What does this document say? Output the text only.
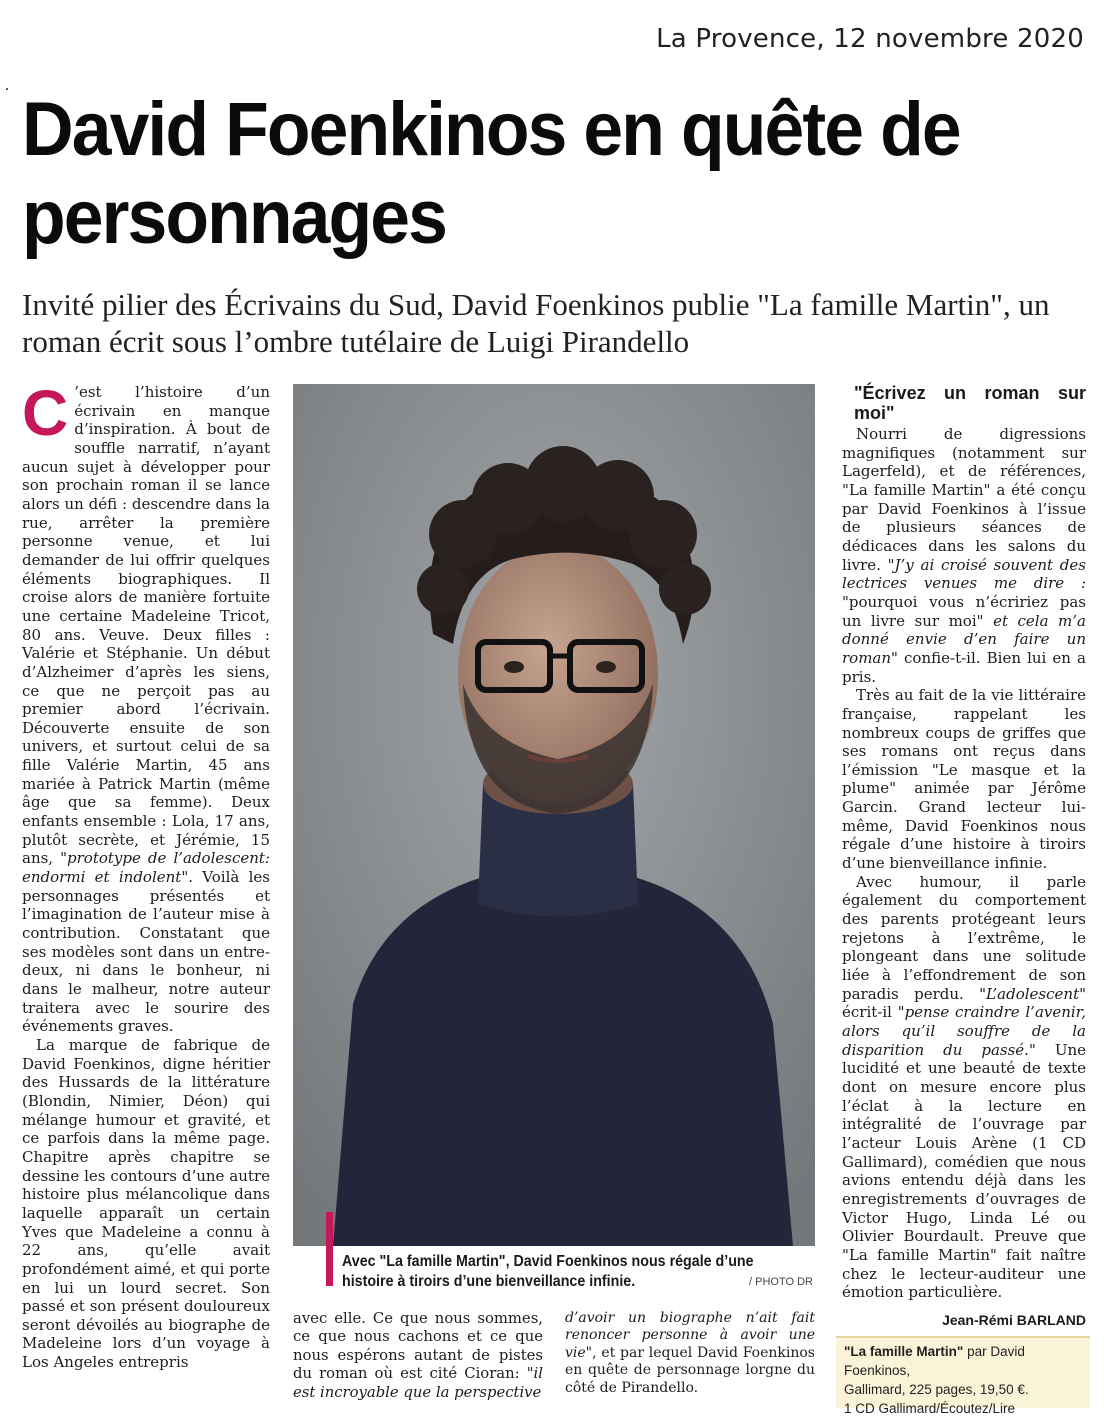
La Provence, 12 novembre 2020
David Foenkinos en quête de personnages

Invité pilier des Écrivains du Sud, David Foenkinos publie "La famille Martin", un roman écrit sous l’ombre tutélaire de Luigi Pirandello

C ’est l’histoire d’un écrivain en manque d’inspiration. À bout de souffle narratif, n’ayant aucun sujet à développer pour son prochain roman il se lance alors un défi : descendre dans la rue, arrêter la première personne venue, et lui demander de lui offrir quelques éléments biographiques. Il croise alors de manière fortuite une certaine Madeleine Tricot, 80 ans. Veuve. Deux filles : Valérie et Stéphanie. Un début d’Alzheimer d’après les siens, ce que ne perçoit pas au premier abord l’écrivain. Découverte ensuite de son univers, et surtout celui de sa fille Valérie Martin, 45 ans mariée à Patrick Martin (même âge que sa femme). Deux enfants ensemble : Lola, 17 ans, plutôt secrète, et Jérémie, 15 ans, "prototype de l’adolescent: endormi et indolent". Voilà les personnages présentés et l’imagination de l’auteur mise à contribution. Constatant que ses modèles sont dans un entre-deux, ni dans le bonheur, ni dans le malheur, notre auteur traitera avec le sourire des événements graves.

La marque de fabrique de David Foenkinos, digne héritier des Hussards de la littérature (Blondin, Nimier, Déon) qui mélange humour et gravité, et ce parfois dans la même page. Chapitre après chapitre se dessine les contours d’une autre histoire plus mélancolique dans laquelle apparaît un certain Yves que Madeleine a connu à 22 ans, qu’elle avait profondément aimé, et qui porte en lui un lourd secret. Son passé et son présent douloureux seront dévoilés au biographe de Madeleine lors d’un voyage à Los Angeles entrepris

Avec "La famille Martin", David Foenkinos nous régale d’une histoire à tiroirs d’une bienveillance infinie.	/ PHOTO DR
avec elle. Ce que nous sommes, ce que nous cachons et ce que nous espérons autant de pistes du roman où est cité Cioran: "il est incroyable que la perspective
d’avoir un biographe n’ait fait renoncer personne à avoir une vie", et par lequel David Foenkinos en quête de personnage lorgne du côté de Pirandello.
"Écrivez un roman sur moi"

Nourri de digressions magnifiques (notamment sur Lagerfeld), et de références, "La famille Martin" a été conçu par David Foenkinos à l’issue de plusieurs séances de dédicaces dans les salons du livre. "J’y ai croisé souvent des lectrices venues me dire : "pourquoi vous n’écririez pas un livre sur moi" et cela m’a donné envie d’en faire un roman" confie-t-il. Bien lui en a pris.

Très au fait de la vie littéraire française, rappelant les nombreux coups de griffes que ses romans ont reçus dans l’émission "Le masque et la plume" animée par Jérôme Garcin. Grand lecteur lui-même, David Foenkinos nous régale d’une histoire à tiroirs d’une bienveillance infinie.

Avec humour, il parle également du comportement des parents protégeant leurs rejetons à l’extrême, le plongeant dans une solitude liée à l’effondrement de son paradis perdu. "L’adolescent" écrit-il "pense craindre l’avenir, alors qu’il souffre de la disparition du passé." Une lucidité et une beauté de texte dont on mesure encore plus l’éclat à la lecture en intégralité de l’ouvrage par l’acteur Louis Arène (1 CD Gallimard), comédien que nous avions entendu déjà dans les enregistrements d’ouvrages de Victor Hugo, Linda Lé ou Olivier Bourdault. Preuve que "La famille Martin" fait naître chez le lecteur-auditeur une émotion particulière.

Jean-Rémi BARLAND
"La famille Martin" par David Foenkinos,
Gallimard, 225 pages, 19,50 €.
1 CD Gallimard/Écoutez/Lire
